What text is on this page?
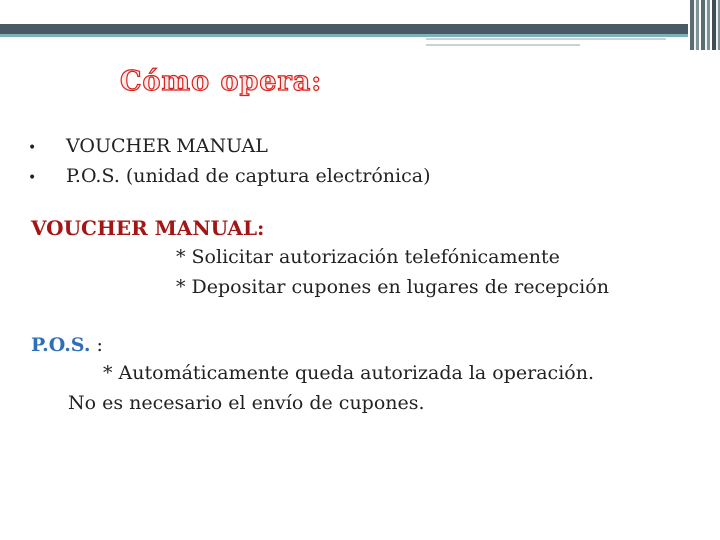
Cómo opera:
• VOUCHER MANUAL
• P.O.S. (unidad de captura electrónica)
VOUCHER MANUAL:
* Solicitar autorización telefónicamente
* Depositar cupones en lugares de recepción
P.O.S. :
* Automáticamente queda autorizada la operación.
No es necesario el envío de cupones.
